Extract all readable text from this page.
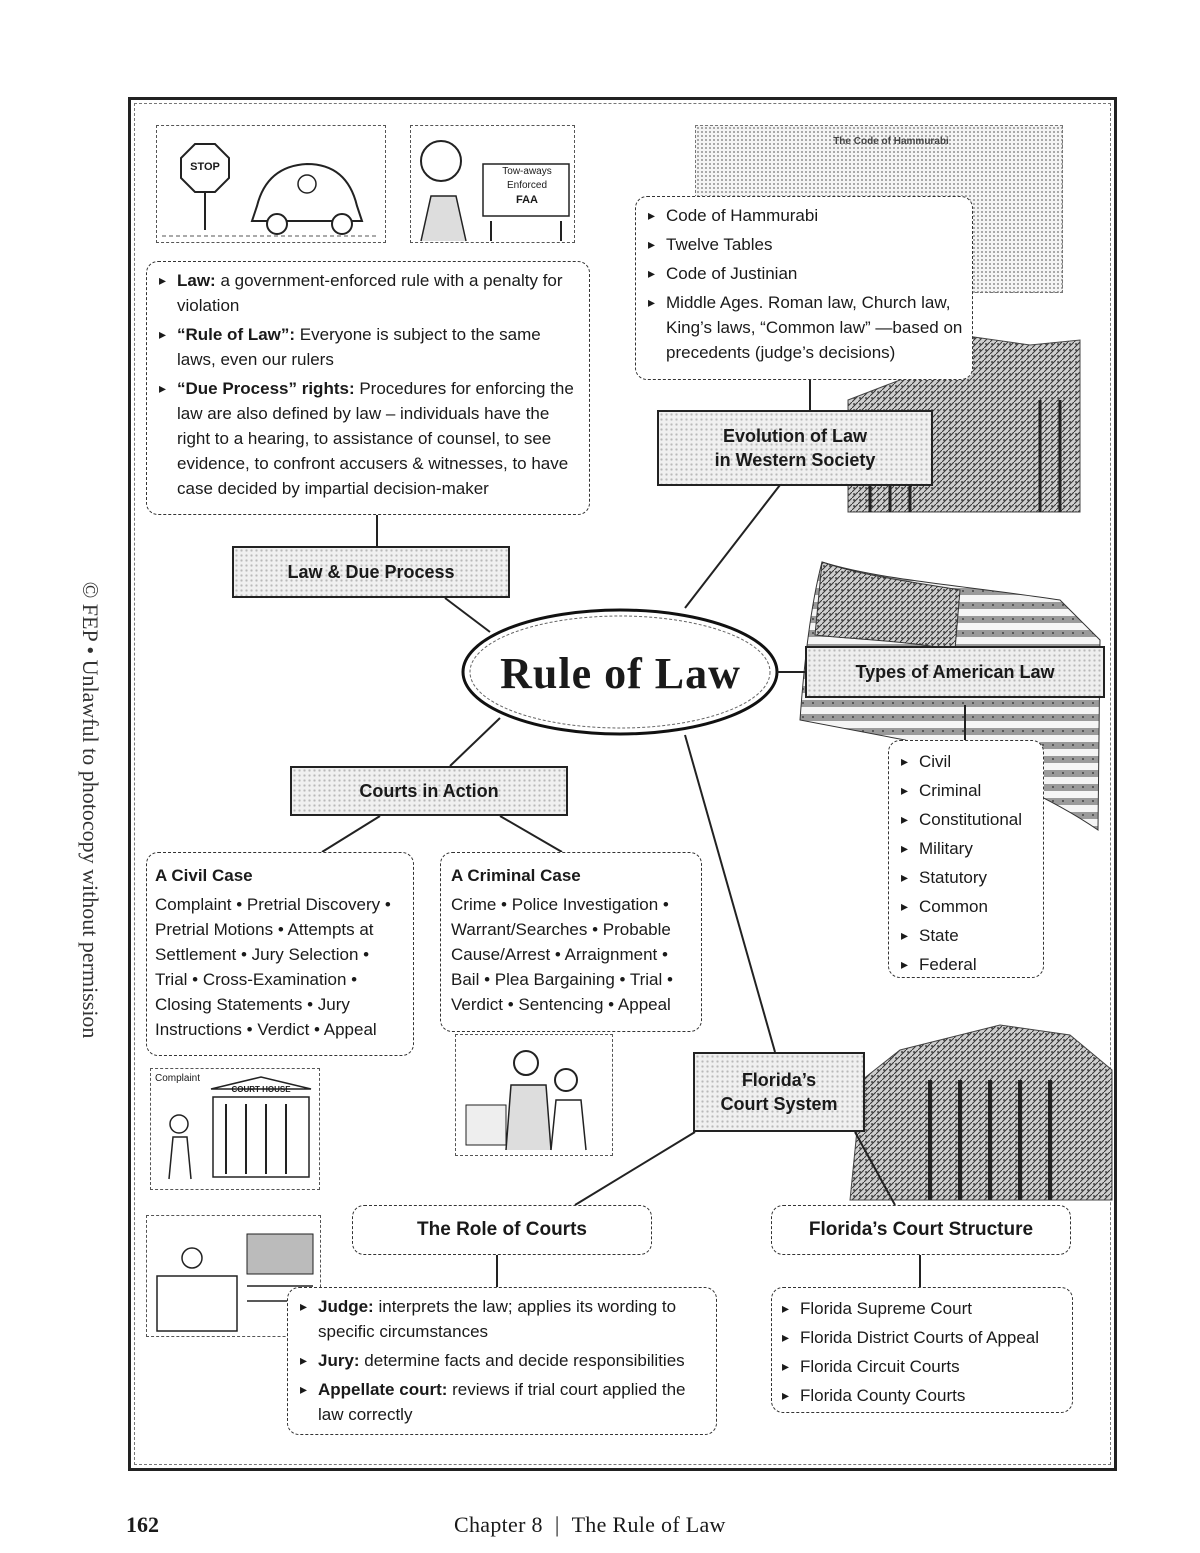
© FEP • Unlawful to photocopy without permission
The Code of Hammurabi
STOP	Tow-aways
Enforced
FAA
▸ Law: a government-enforced rule with a penalty for violation
▸ “Rule of Law”: Everyone is subject to the same laws, even our rulers
▸ “Due Process” rights: Procedures for enforcing the law are also defined by law – individuals have the right to a hearing, to assistance of counsel, to see evidence, to confront accusers & witnesses, to have case decided by impartial decision-maker
Law & Due Process
▸ Code of Hammurabi
▸ Twelve Tables
▸ Code of Justinian
▸ Middle Ages. Roman law, Church law, King’s laws, “Common law” —based on precedents (judge’s decisions)
Evolution of Law
in Western Society
Rule of Law	Types of American Law
▸ Civil
▸ Criminal
▸ Constitutional
▸ Military
▸ Statutory
▸ Common
▸ State
▸ Federal
Courts in Action
A Civil Case
Complaint • Pretrial Discovery • Pretrial Motions • Attempts at Settlement • Jury Selection • Trial • Cross-Examination • Closing Statements • Jury Instructions • Verdict • Appeal
A Criminal Case
Crime • Police Investigation • Warrant/Searches • Probable Cause/Arrest • Arraignment • Bail • Plea Bargaining • Trial • Verdict • Sentencing • Appeal
Complaint
COURT HOUSE	Florida’s
Court System
The Role of Courts
▸ Judge: interprets the law; applies its wording to specific circumstances
▸ Jury: determine facts and decide responsibilities
▸ Appellate court: reviews if trial court applied the law correctly
Florida’s Court Structure
▸ Florida Supreme Court
▸ Florida District Courts of Appeal
▸ Florida Circuit Courts
▸ Florida County Courts
162	Chapter 8 | The Rule of Law
